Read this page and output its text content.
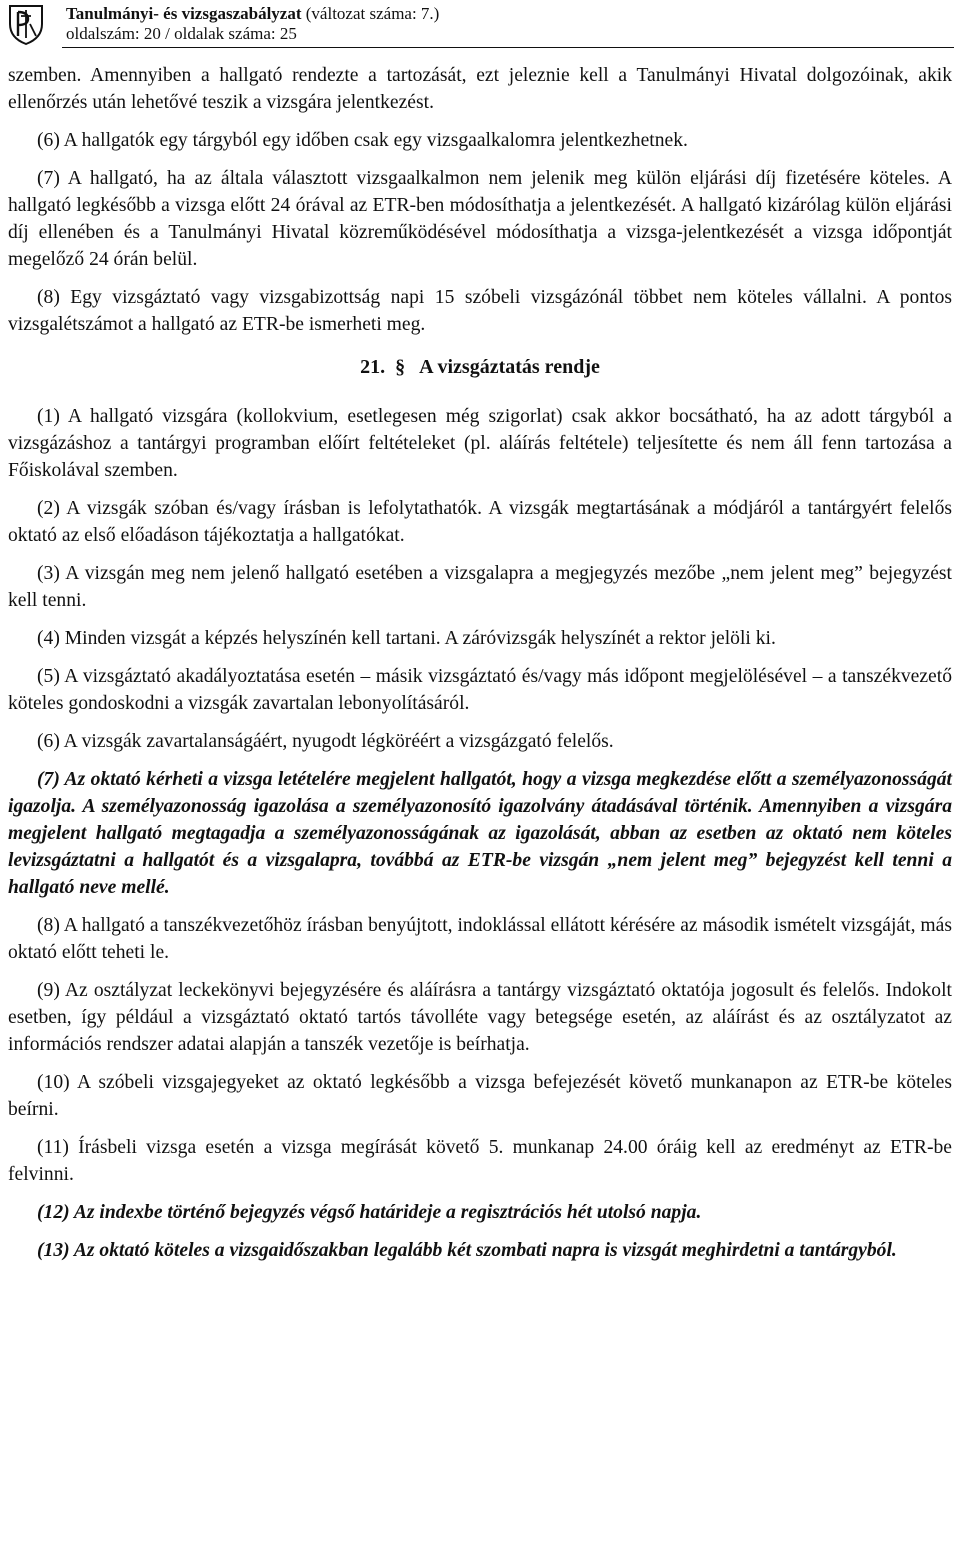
Tanulmányi- és vizsgaszabályzat (változat száma: 7.)
oldalszám: 20 / oldalak száma: 25

szemben. Amennyiben a hallgató rendezte a tartozását, ezt jeleznie kell a Tanulmányi Hivatal dolgozóinak, akik ellenőrzés után lehetővé teszik a vizsgára jelentkezést.

(6) A hallgatók egy tárgyból egy időben csak egy vizsgaalkalomra jelentkezhetnek.

(7) A hallgató, ha az általa választott vizsgaalkalmon nem jelenik meg külön eljárási díj fizetésére köteles. A hallgató legkésőbb a vizsga előtt 24 órával az ETR-ben módosíthatja a jelentkezését. A hallgató kizárólag külön eljárási díj ellenében és a Tanulmányi Hivatal közreműködésével módosíthatja a vizsga-jelentkezését a vizsga időpontját megelőző 24 órán belül.

(8) Egy vizsgáztató vagy vizsgabizottság napi 15 szóbeli vizsgázónál többet nem köteles vállalni. A pontos vizsgalétszámot a hallgató az ETR-be ismerheti meg.

21. § A vizsgáztatás rendje

(1) A hallgató vizsgára (kollokvium, esetlegesen még szigorlat) csak akkor bocsátható, ha az adott tárgyból a vizsgázáshoz a tantárgyi programban előírt feltételeket (pl. aláírás feltétele) teljesítette és nem áll fenn tartozása a Főiskolával szemben.

(2) A vizsgák szóban és/vagy írásban is lefolytathatók. A vizsgák megtartásának a módjáról a tantárgyért felelős oktató az első előadáson tájékoztatja a hallgatókat.

(3) A vizsgán meg nem jelenő hallgató esetében a vizsgalapra a megjegyzés mezőbe „nem jelent meg” bejegyzést kell tenni.

(4) Minden vizsgát a képzés helyszínén kell tartani. A záróvizsgák helyszínét a rektor jelöli ki.

(5) A vizsgáztató akadályoztatása esetén – másik vizsgáztató és/vagy más időpont megjelölésével – a tanszékvezető köteles gondoskodni a vizsgák zavartalan lebonyolításáról.

(6) A vizsgák zavartalanságáért, nyugodt légköréért a vizsgázgató felelős.

(7) Az oktató kérheti a vizsga letételére megjelent hallgatót, hogy a vizsga megkezdése előtt a személyazonosságát igazolja. A személyazonosság igazolása a személyazonosító igazolvány átadásával történik. Amennyiben a vizsgára megjelent hallgató megtagadja a személyazonosságának az igazolását, abban az esetben az oktató nem köteles levizsgáztatni a hallgatót és a vizsgalapra, továbbá az ETR-be vizsgán „nem jelent meg” bejegyzést kell tenni a hallgató neve mellé.

(8) A hallgató a tanszékvezetőhöz írásban benyújtott, indoklással ellátott kérésére az második ismételt vizsgáját, más oktató előtt teheti le.

(9) Az osztályzat leckekönyvi bejegyzésére és aláírásra a tantárgy vizsgáztató oktatója jogosult és felelős. Indokolt esetben, így például a vizsgáztató oktató tartós távolléte vagy betegsége esetén, az aláírást és az osztályzatot az információs rendszer adatai alapján a tanszék vezetője is beírhatja.

(10) A szóbeli vizsgajegyeket az oktató legkésőbb a vizsga befejezését követő munkanapon az ETR-be köteles beírni.

(11) Írásbeli vizsga esetén a vizsga megírását követő 5. munkanap 24.00 óráig kell az eredményt az ETR-be felvinni.

(12) Az indexbe történő bejegyzés végső határideje a regisztrációs hét utolsó napja.

(13) Az oktató köteles a vizsgaidőszakban legalább két szombati napra is vizsgát meghirdetni a tantárgyból.
